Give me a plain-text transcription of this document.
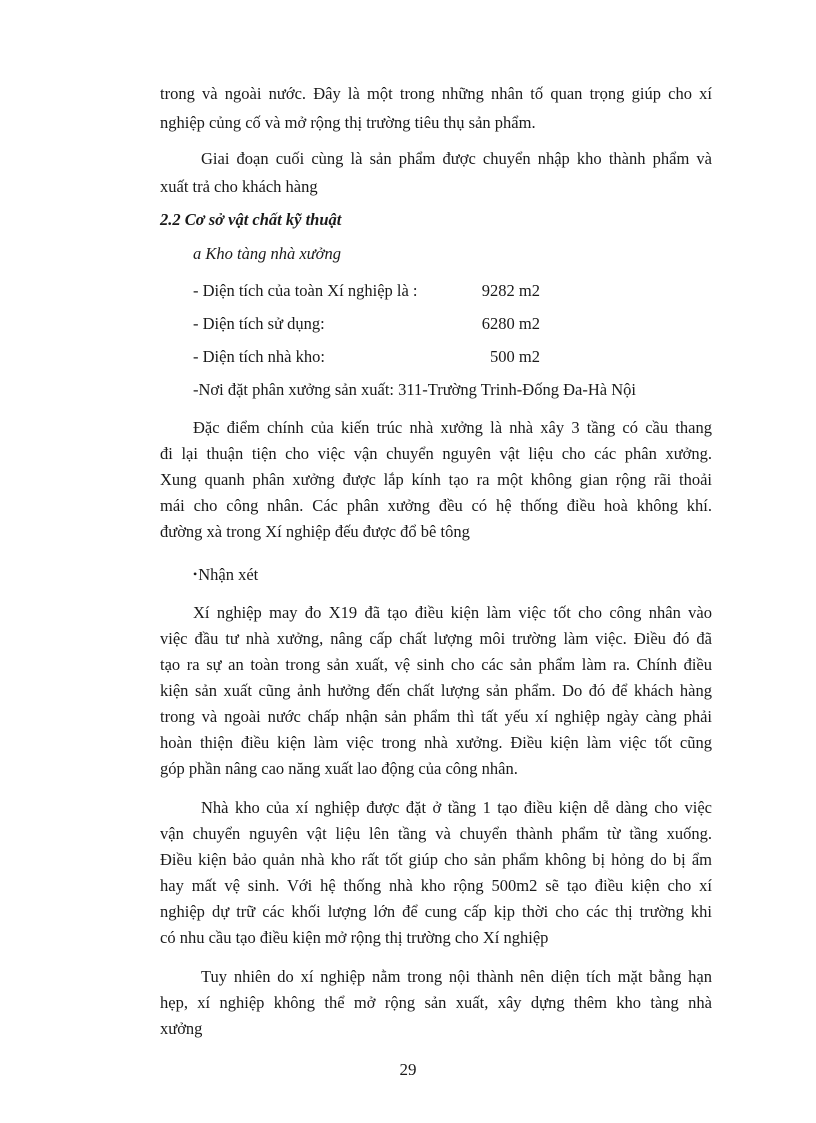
trong và ngoài nước. Đây là một trong những nhân tố quan trọng giúp cho xí
nghiệp củng cố và mở rộng thị trường tiêu thụ sản phẩm.
Giai đoạn cuối cùng là sản phẩm được chuyển nhập kho thành phẩm và
xuất trả cho khách hàng
2.2 Cơ sở vật chất kỹ thuật
a Kho tàng nhà xưởng
- Diện tích của toàn Xí nghiệp là :	9282 m2
- Diện tích sử dụng:	6280 m2
- Diện tích nhà kho:	500 m2
-Nơi đặt phân xưởng sản xuất: 311-Trường Trinh-Đống Đa-Hà Nội
Đặc điểm chính của kiến trúc nhà xưởng là nhà xây 3 tầng có cầu thang
đi lại thuận tiện cho việc vận chuyển nguyên vật liệu cho các phân xưởng.
Xung quanh phân xưởng được lắp kính tạo ra một không gian rộng rãi thoải
mái cho công nhân. Các phân xưởng đều có hệ thống điều hoà không khí.
đường xà trong Xí nghiệp đếu được đổ bê tông
•Nhận xét
Xí nghiệp may đo X19 đã tạo điều kiện làm việc tốt cho công nhân vào
việc đầu tư nhà xưởng, nâng cấp chất lượng môi trường làm việc. Điều đó đã
tạo ra sự an toàn trong sản xuất, vệ sinh cho các sản phẩm làm ra. Chính điều
kiện sản xuất cũng ảnh hưởng đến chất lượng sản phẩm. Do đó để khách hàng
trong và ngoài nước chấp nhận sản phẩm thì tất yếu xí nghiệp ngày càng phải
hoàn thiện điều kiện làm việc trong nhà xưởng. Điều kiện làm việc tốt cũng
góp phần nâng cao năng xuất lao động của công nhân.
Nhà kho của xí nghiệp được đặt ở tầng 1 tạo điều kiện dễ dàng cho việc
vận chuyển nguyên vật liệu lên tầng và chuyển thành phẩm từ tầng xuống.
Điều kiện bảo quản nhà kho rất tốt giúp cho sản phẩm không bị hỏng do bị ẩm
hay mất vệ sinh. Với hệ thống nhà kho rộng 500m2 sẽ tạo điều kiện cho xí
nghiệp dự trữ các khối lượng lớn để cung cấp kịp thời cho các thị trường khi
có nhu cầu tạo điều kiện mở rộng thị trường cho Xí nghiệp
Tuy nhiên do xí nghiệp nằm trong nội thành nên diện tích mặt bằng hạn
hẹp, xí nghiệp không thể mở rộng sản xuất, xây dựng thêm kho tàng nhà
xưởng
29
